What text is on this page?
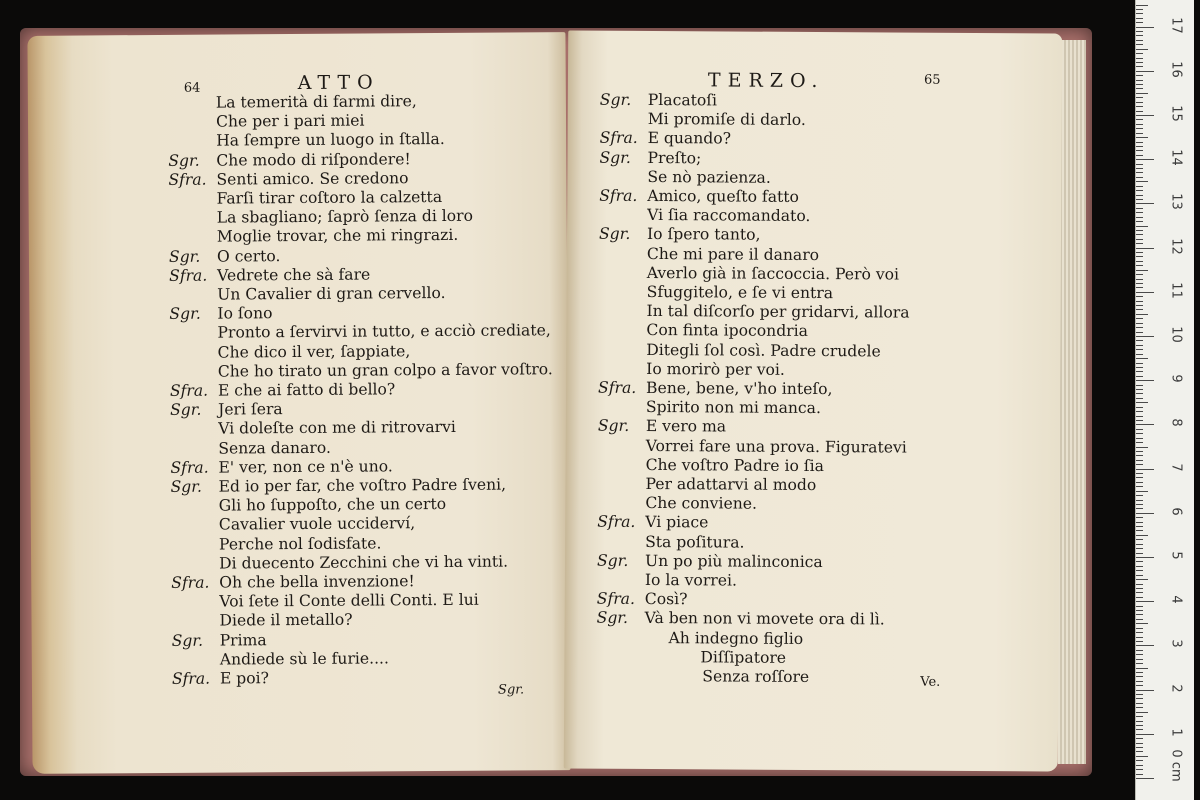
64	ATTO
Sgr.
La temerità di farmi dire,
Che per i pari miei
Ha ſempre un luogo in ſtalla.
Sgr. Che modo di riſpondere!
Sfra. Senti amico. Se credono
Farſi tirar coſtoro la calzetta
La sbagliano; ſaprò ſenza di loro
Moglie trovar, che mi ringrazi.
Sgr. O certo.
Sfra. Vedrete che sà fare
Un Cavalier di gran cervello.
Sgr. Io ſono
Pronto a ſervirvi in tutto, e acciò crediate,
Che dico il ver, ſappiate,
Che ho tirato un gran colpo a favor voſtro.
Sfra. E che ai fatto di bello?
Sgr. Jeri ſera
Vi doleſte con me di ritrovarvi
Senza danaro.
Sfra. E' ver, non ce n'è uno.
Sgr. Ed io per far, che voſtro Padre ſveni,
Gli ho ſuppoſto, che un certo
Cavalier vuole ucciderví,
Perche nol ſodisfate.
Di duecento Zecchini che vi ha vinti.
Sfra. Oh che bella invenzione!
Voi ſete il Conte delli Conti. E lui
Diede il metallo?
Sgr. Prima
Andiede sù le furie....
Sfra. E poi?
TERZO.	65
Ve.
Sgr. Placatoſi
Mi promiſe di darlo.
Sfra. E quando?
Sgr. Preſto;
Se nò pazienza.
Sfra. Amico, queſto fatto
Vi ſia raccomandato.
Sgr. Io ſpero tanto,
Che mi pare il danaro
Averlo già in ſaccoccia. Però voi
Sfuggitelo, e ſe vi entra
In tal diſcorſo per gridarvi, allora
Con finta ipocondria
Ditegli ſol così. Padre crudele
Io morirò per voi.
Sfra. Bene, bene, v'ho inteſo,
Spirito non mi manca.
Sgr. E vero ma
Vorrei fare una prova. Figuratevi
Che voſtro Padre io ſia
Per adattarvi al modo
Che conviene.
Sfra. Vi piace
Sta poſitura.
Sgr. Un po più malinconica
Io la vorrei.
Sfra. Così?
Sgr. Và ben non vi movete ora di lì.
Ah indegno figlio
Diſſipatore
Senza roſſore
17
16
15
14
13
12
11
10
9
8
7
6
5
4
3
2
1
0 cm
